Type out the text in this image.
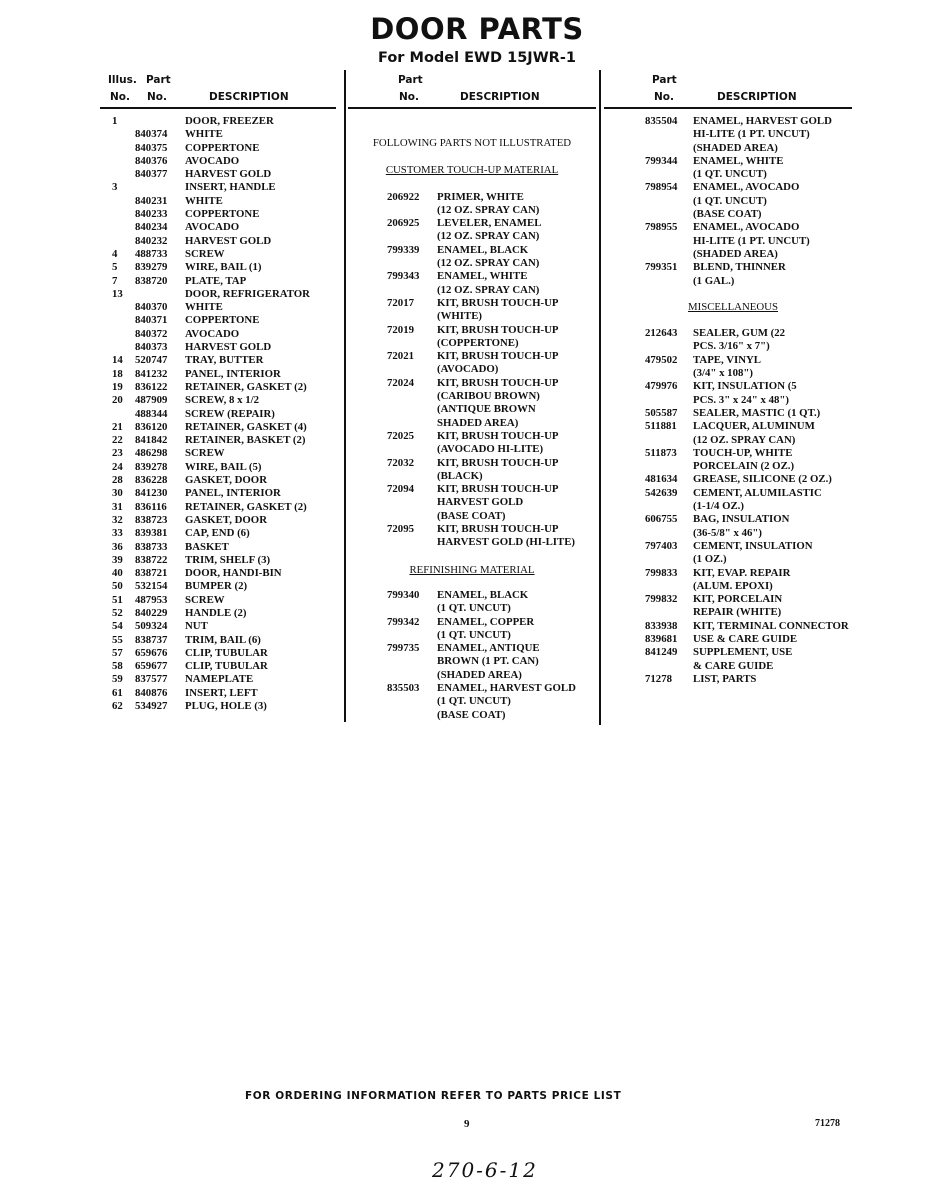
DOOR PARTS
For Model EWD 15JWR-1
Illus. Part
No. No.	DESCRIPTION
1	DOOR, FREEZER
840374 WHITE
840375 COPPERTONE
840376 AVOCADO
840377 HARVEST GOLD
3	INSERT, HANDLE
840231 WHITE
840233 COPPERTONE
840234 AVOCADO
840232 HARVEST GOLD
4 488733 SCREW
5 839279 WIRE, BAIL (1)
7 838720 PLATE, TAP
13	DOOR, REFRIGERATOR
840370 WHITE
840371 COPPERTONE
840372 AVOCADO
840373 HARVEST GOLD
14 520747 TRAY, BUTTER
18 841232 PANEL, INTERIOR
19 836122 RETAINER, GASKET (2)
20 487909 SCREW, 8 x 1/2
488344 SCREW (REPAIR)
21 836120 RETAINER, GASKET (4)
22 841842 RETAINER, BASKET (2)
23 486298 SCREW
24 839278 WIRE, BAIL (5)
28 836228 GASKET, DOOR
30 841230 PANEL, INTERIOR
31 836116 RETAINER, GASKET (2)
32 838723 GASKET, DOOR
33 839381 CAP, END (6)
36 838733 BASKET
39 838722 TRIM, SHELF (3)
40 838721 DOOR, HANDI-BIN
50 532154 BUMPER (2)
51 487953 SCREW
52 840229 HANDLE (2)
54 509324 NUT
55 838737 TRIM, BAIL (6)
57 659676 CLIP, TUBULAR
58 659677 CLIP, TUBULAR
59 837577 NAMEPLATE
61 840876 INSERT, LEFT
62 534927 PLUG, HOLE (3)
Part
No.	DESCRIPTION
FOLLOWING PARTS NOT ILLUSTRATED
CUSTOMER TOUCH-UP MATERIAL
206922 PRIMER, WHITE
(12 OZ. SPRAY CAN)
206925 LEVELER, ENAMEL
(12 OZ. SPRAY CAN)
799339 ENAMEL, BLACK
(12 OZ. SPRAY CAN)
799343 ENAMEL, WHITE
(12 OZ. SPRAY CAN)
72017 KIT, BRUSH TOUCH-UP
(WHITE)
72019 KIT, BRUSH TOUCH-UP
(COPPERTONE)
72021 KIT, BRUSH TOUCH-UP
(AVOCADO)
72024 KIT, BRUSH TOUCH-UP
(CARIBOU BROWN)
(ANTIQUE BROWN
SHADED AREA)
72025 KIT, BRUSH TOUCH-UP
(AVOCADO HI-LITE)
72032 KIT, BRUSH TOUCH-UP
(BLACK)
72094 KIT, BRUSH TOUCH-UP
HARVEST GOLD
(BASE COAT)
72095 KIT, BRUSH TOUCH-UP
HARVEST GOLD (HI-LITE)
REFINISHING MATERIAL
799340 ENAMEL, BLACK
(1 QT. UNCUT)
799342 ENAMEL, COPPER
(1 QT. UNCUT)
799735 ENAMEL, ANTIQUE
BROWN (1 PT. CAN)
(SHADED AREA)
835503 ENAMEL, HARVEST GOLD
(1 QT. UNCUT)
(BASE COAT)
Part
No.	DESCRIPTION
835504 ENAMEL, HARVEST GOLD
HI-LITE (1 PT. UNCUT)
(SHADED AREA)
799344 ENAMEL, WHITE
(1 QT. UNCUT)
798954 ENAMEL, AVOCADO
(1 QT. UNCUT)
(BASE COAT)
798955 ENAMEL, AVOCADO
HI-LITE (1 PT. UNCUT)
(SHADED AREA)
799351 BLEND, THINNER
(1 GAL.)
MISCELLANEOUS
212643 SEALER, GUM (22
PCS. 3/16" x 7")
479502 TAPE, VINYL
(3/4" x 108")
479976 KIT, INSULATION (5
PCS. 3" x 24" x 48")
505587 SEALER, MASTIC (1 QT.)
511881 LACQUER, ALUMINUM
(12 OZ. SPRAY CAN)
511873 TOUCH-UP, WHITE
PORCELAIN (2 OZ.)
481634 GREASE, SILICONE (2 OZ.)
542639 CEMENT, ALUMILASTIC
(1-1/4 OZ.)
606755 BAG, INSULATION
(36-5/8" x 46")
797403 CEMENT, INSULATION
(1 OZ.)
799833 KIT, EVAP. REPAIR
(ALUM. EPOXI)
799832 KIT, PORCELAIN
REPAIR (WHITE)
833938 KIT, TERMINAL CONNECTOR
839681 USE & CARE GUIDE
841249 SUPPLEMENT, USE
& CARE GUIDE
71278 LIST, PARTS
FOR ORDERING INFORMATION REFER TO PARTS PRICE LIST
9	71278
270-6-12
